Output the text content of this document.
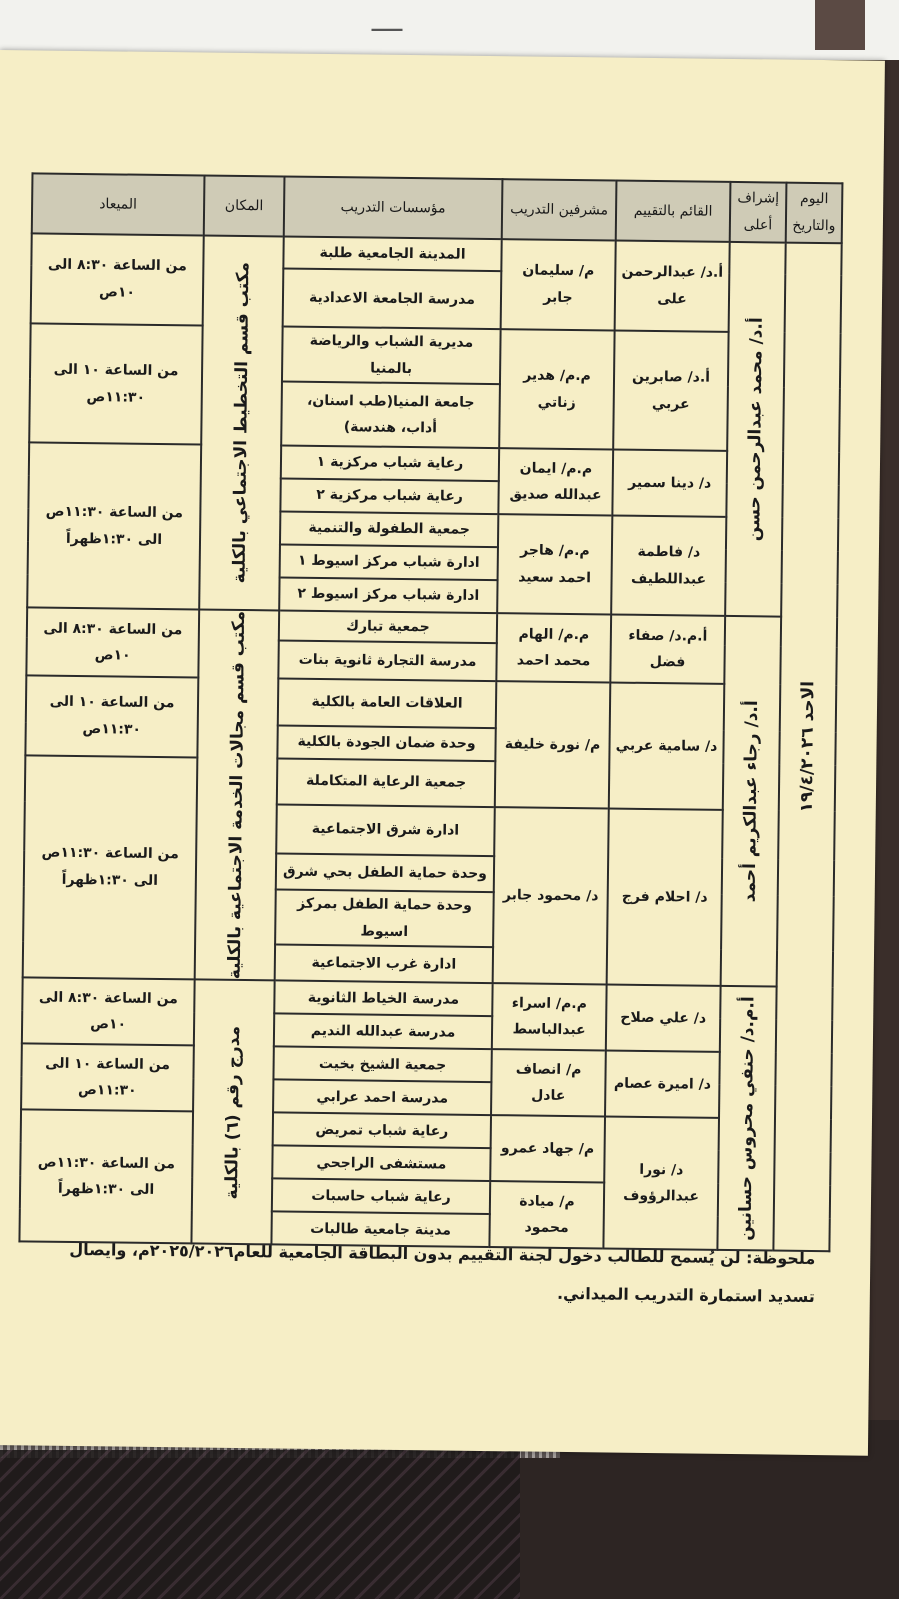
—
اليوم والتاريخ	إشراف أعلى	القائم بالتقييم	مشرفين التدريب	مؤسسات التدريب	المكان	الميعاد

الاحد ١٩/٤/٢٠٢٦	أ.د/ محمد عبدالرحمن حسن	أ.د/ عبدالرحمن على	م/ سليمان جابر	المدينة الجامعية طلبة	مكتب قسم التخطيط الاجتماعي بالكلية	من الساعة ٨:٣٠ الى ١٠ص
				مدرسة الجامعة الاعدادية		
		أ.د/ صابرين عربي	م.م/ هدير زناتي	مديرية الشباب والرياضة بالمنيا		من الساعة ١٠ الى ١١:٣٠ص
				جامعة المنيا(طب اسنان، أداب، هندسة)		
		د/ دينا سمير	م.م/ ايمان عبدالله صديق	رعاية شباب مركزية ١		من الساعة ١١:٣٠ص الى ١:٣٠ظهراً
				رعاية شباب مركزية ٢		
		د/ فاطمة عبداللطيف	م.م/ هاجر احمد سعيد	جمعية الطفولة والتنمية		
				ادارة شباب مركز اسيوط ١		
				ادارة شباب مركز اسيوط ٢		

	أ.د/ رجاء عبدالكريم أحمد	أ.م.د/ صفاء فضل	م.م/ الهام محمد احمد	جمعية تبارك	مكتب قسم مجالات الخدمة الاجتماعية بالكلية	من الساعة ٨:٣٠ الى ١٠ص
				مدرسة التجارة ثانوية بنات		
		د/ سامية عربي	م/ نورة خليفة	العلاقات العامة بالكلية		من الساعة ١٠ الى ١١:٣٠ص
				وحدة ضمان الجودة بالكلية		
				جمعية الرعاية المتكاملة		من الساعة ١١:٣٠ص الى ١:٣٠ظهراً
		د/ احلام فرج	د/ محمود جابر	ادارة شرق الاجتماعية		
				وحدة حماية الطفل بحي شرق		
				وحدة حماية الطفل بمركز اسيوط		
				ادارة غرب الاجتماعية		

	أ.م.د/ حنفي محروس حسانين	د/ علي صلاح	م.م/ اسراء عبدالباسط	مدرسة الخياط الثانوية	مدرج رقم (٦) بالكلية	من الساعة ٨:٣٠ الى ١٠ص
				مدرسة عبدالله النديم		
		د/ اميرة عصام	م/ انصاف عادل	جمعية الشيخ بخيت		من الساعة ١٠ الى ١١:٣٠ص
				مدرسة احمد عرابي		
		د/ نورا عبدالرؤوف	م/ جهاد عمرو	رعاية شباب تمريض		من الساعة ١١:٣٠ص الى ١:٣٠ظهراً
				مستشفى الراجحي		
			م/ ميادة محمود	رعاية شباب حاسبات		
				مدينة جامعية طالبات		
ملحوظة: لن يُسمح للطالب دخول لجنة التقييم بدون البطاقة الجامعية للعام٢٠٢٥/٢٠٢٦م، وايصال تسديد استمارة التدريب الميداني.
